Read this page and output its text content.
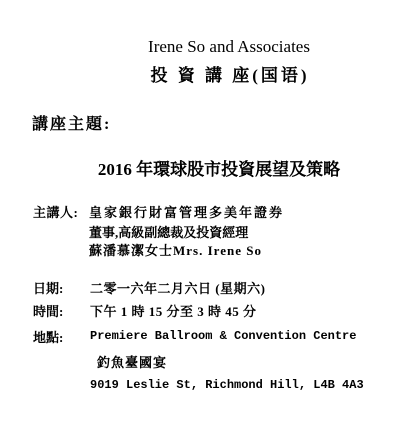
Irene So and Associates
投 資 講 座(国语)
講座主題:
2016 年環球股市投資展望及策略
主講人: 皇家銀行財富管理多美年證券
董事,高級副總裁及投資經理
蘇潘慕潔女士Mrs. Irene So
日期: 二零一六年二月六日 (星期六)
時間: 下午 1 時 15 分至 3 時 45 分
地點: Premiere Ballroom & Convention Centre
釣魚臺國宴
9019 Leslie St, Richmond Hill, L4B 4A3
